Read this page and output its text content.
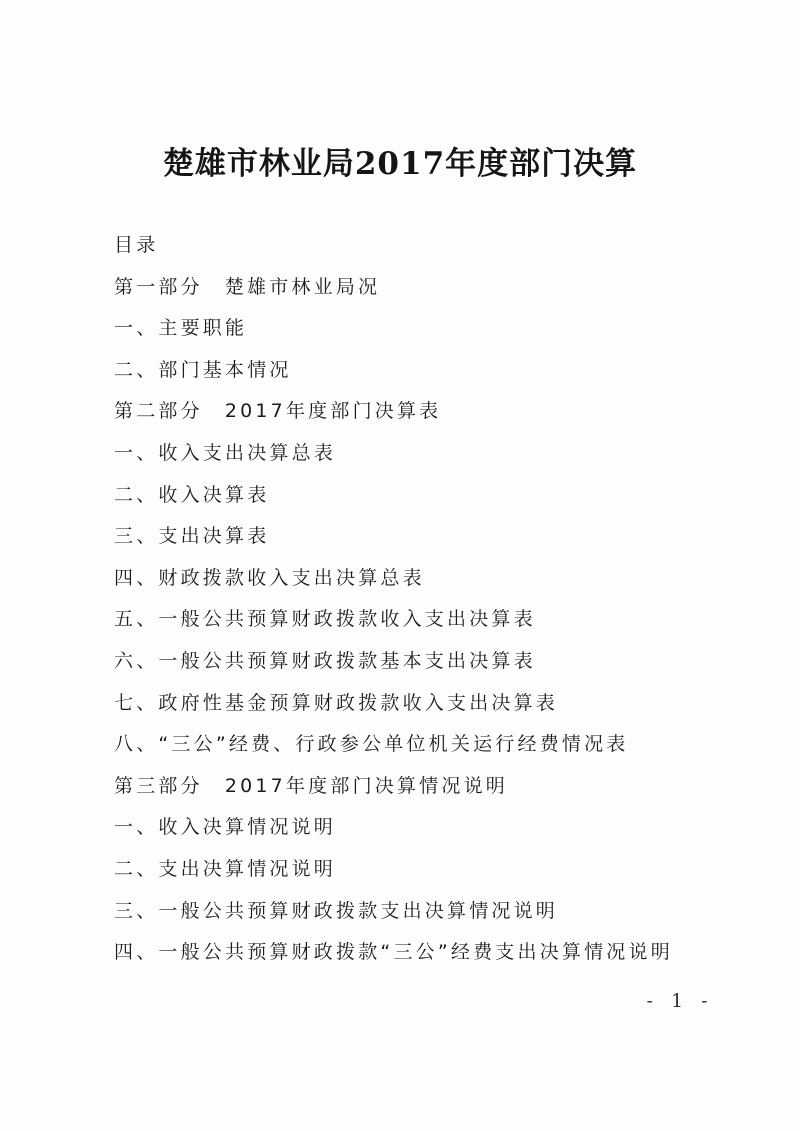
楚雄市林业局2017年度部门决算
目录
第一部分 楚雄市林业局况
一、主要职能
二、部门基本情况
第二部分 2017年度部门决算表
一、收入支出决算总表
二、收入决算表
三、支出决算表
四、财政拨款收入支出决算总表
五、一般公共预算财政拨款收入支出决算表
六、一般公共预算财政拨款基本支出决算表
七、政府性基金预算财政拨款收入支出决算表
八、“三公”经费、行政参公单位机关运行经费情况表
第三部分 2017年度部门决算情况说明
一、收入决算情况说明
二、支出决算情况说明
三、一般公共预算财政拨款支出决算情况说明
四、一般公共预算财政拨款“三公”经费支出决算情况说明
- 1 -
